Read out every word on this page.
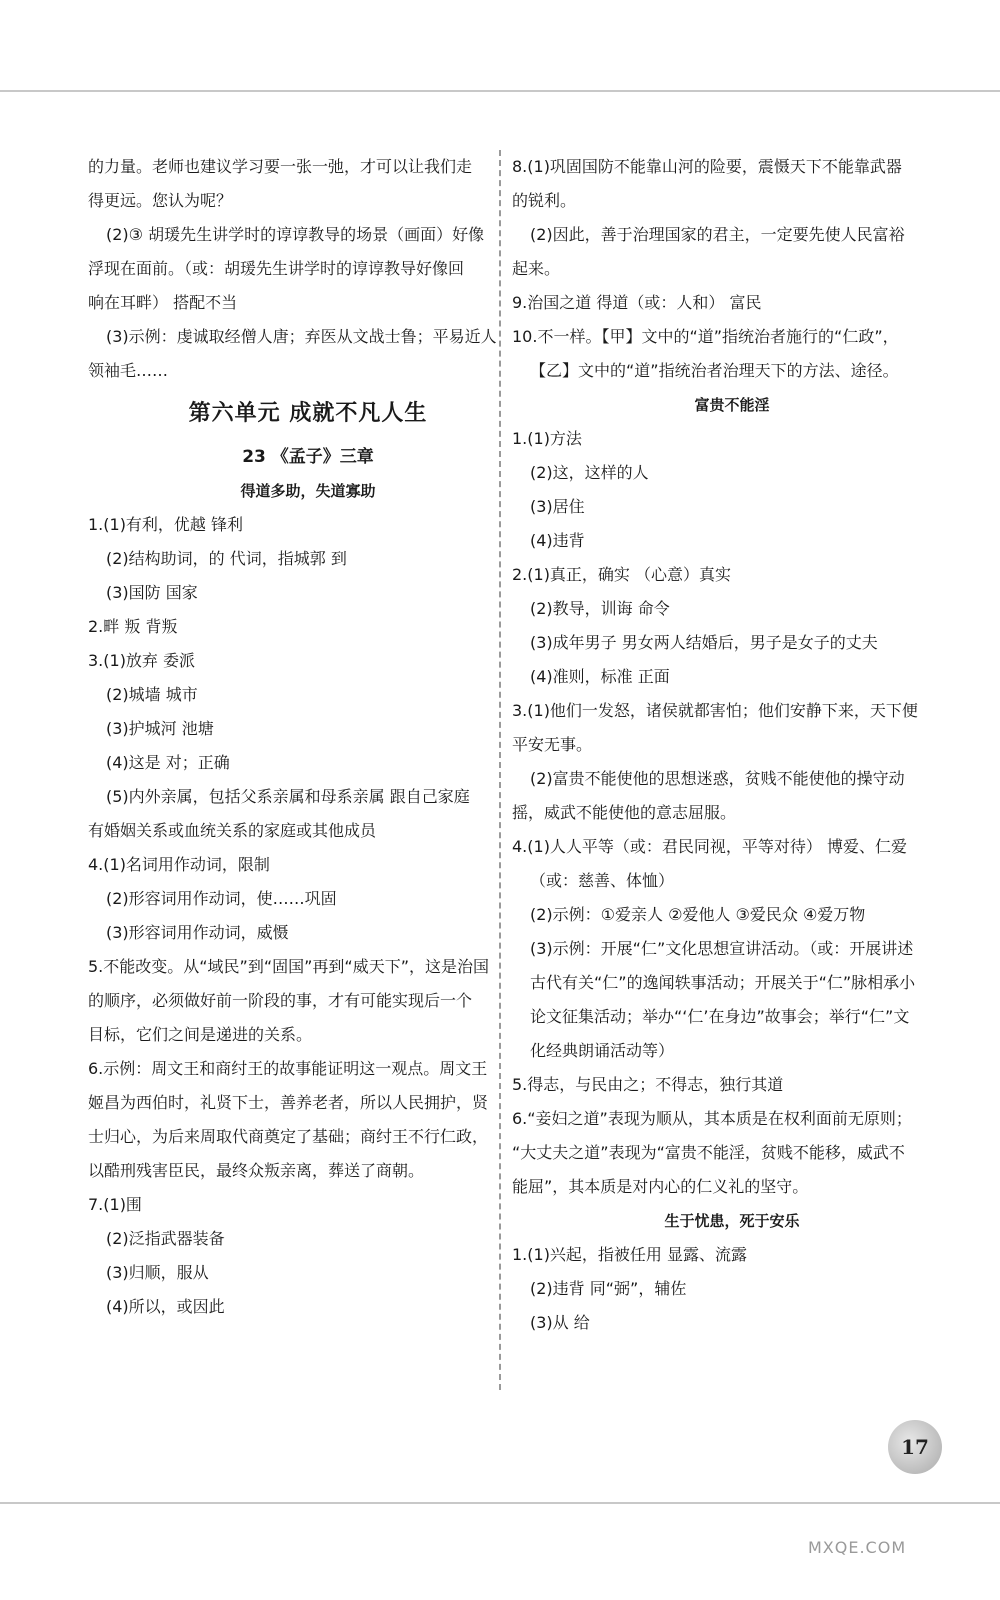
的力量。老师也建议学习要一张一弛，才可以让我们走
得更远。您认为呢？
(2)③ 胡瑗先生讲学时的谆谆教导的场景（画面）好像
浮现在面前。（或：胡瑗先生讲学时的谆谆教导好像回
响在耳畔） 搭配不当
(3)示例：虔诚取经僧人唐；弃医从文战士鲁；平易近人
领袖毛……
第六单元 成就不凡人生
23 《孟子》三章
得道多助，失道寡助
1.(1)有利，优越 锋利
(2)结构助词，的 代词，指城郭 到
(3)国防 国家
2.畔 叛 背叛
3.(1)放弃 委派
(2)城墙 城市
(3)护城河 池塘
(4)这是 对；正确
(5)内外亲属，包括父系亲属和母系亲属 跟自己家庭
有婚姻关系或血统关系的家庭或其他成员
4.(1)名词用作动词，限制
(2)形容词用作动词，使……巩固
(3)形容词用作动词，威慑
5.不能改变。从“域民”到“固国”再到“威天下”，这是治国
的顺序，必须做好前一阶段的事，才有可能实现后一个
目标，它们之间是递进的关系。
6.示例：周文王和商纣王的故事能证明这一观点。周文王
姬昌为西伯时，礼贤下士，善养老者，所以人民拥护，贤
士归心，为后来周取代商奠定了基础；商纣王不行仁政，
以酷刑残害臣民，最终众叛亲离，葬送了商朝。
7.(1)围
(2)泛指武器装备
(3)归顺，服从
(4)所以，或因此
8.(1)巩固国防不能靠山河的险要，震慑天下不能靠武器
的锐利。
(2)因此，善于治理国家的君主，一定要先使人民富裕
起来。
9.治国之道 得道（或：人和） 富民
10.不一样。【甲】文中的“道”指统治者施行的“仁政”，
【乙】文中的“道”指统治者治理天下的方法、途径。
富贵不能淫
1.(1)方法
(2)这，这样的人
(3)居住
(4)违背
2.(1)真正，确实 （心意）真实
(2)教导，训诲 命令
(3)成年男子 男女两人结婚后，男子是女子的丈夫
(4)准则，标准 正面
3.(1)他们一发怒，诸侯就都害怕；他们安静下来，天下便
平安无事。
(2)富贵不能使他的思想迷惑，贫贱不能使他的操守动
摇，威武不能使他的意志屈服。
4.(1)人人平等（或：君民同视，平等对待） 博爱、仁爱
（或：慈善、体恤）
(2)示例：①爱亲人 ②爱他人 ③爱民众 ④爱万物
(3)示例：开展“仁”文化思想宣讲活动。（或：开展讲述
古代有关“仁”的逸闻轶事活动；开展关于“仁”脉相承小
论文征集活动；举办“‘仁’在身边”故事会；举行“仁”文
化经典朗诵活动等）
5.得志，与民由之；不得志，独行其道
6.“妾妇之道”表现为顺从，其本质是在权利面前无原则；
“大丈夫之道”表现为“富贵不能淫，贫贱不能移，威武不
能屈”，其本质是对内心的仁义礼的坚守。
生于忧患，死于安乐
1.(1)兴起，指被任用 显露、流露
(2)违背 同“弼”，辅佐
(3)从 给
17
MXQE.COM
